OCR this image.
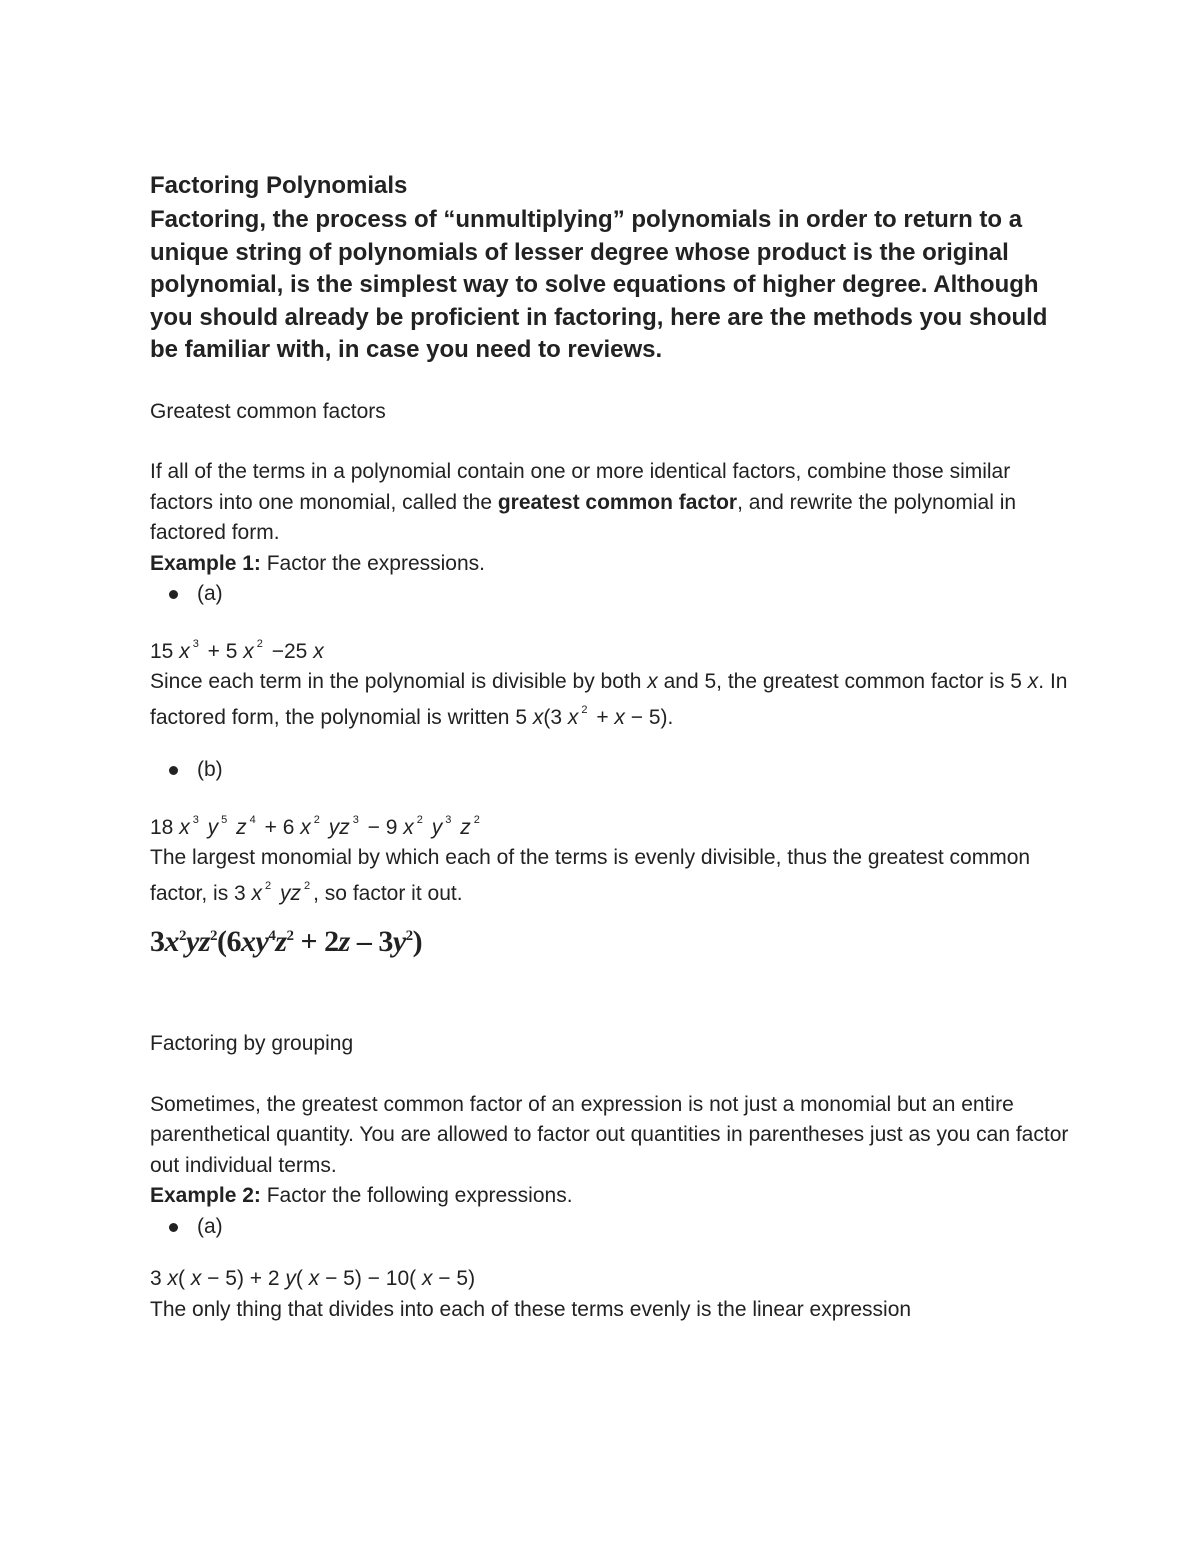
Factoring Polynomials

Factoring, the process of “unmultiplying” polynomials in order to return to a unique string of polynomials of lesser degree whose product is the original polynomial, is the simplest way to solve equations of higher degree. Although you should already be proficient in factoring, here are the methods you should be familiar with, in case you need to reviews.

Greatest common factors

If all of the terms in a polynomial contain one or more identical factors, combine those similar factors into one monomial, called the greatest common factor, and rewrite the polynomial in factored form.

Example 1: Factor the expressions.

(a)

15 x $^3$ + 5 x $^2$ −25 x

Since each term in the polynomial is divisible by both x and 5, the greatest common factor is 5 x. In factored form, the polynomial is written 5 x(3 x $^2$ + x − 5).

(b)

18 x $^3$ y $^5$ z $^4$ + 6 x $^2$ yz $^3$ − 9 x $^2$ y $^3$ z $^2$

The largest monomial by which each of the terms is evenly divisible, thus the greatest common factor, is 3 x $^2$ yz $^2$ , so factor it out.

$3x^2yz^2(6xy^4z^2 + 2z - 3y^2)$

Factoring by grouping

Sometimes, the greatest common factor of an expression is not just a monomial but an entire parenthetical quantity. You are allowed to factor out quantities in parentheses just as you can factor out individual terms.

Example 2: Factor the following expressions.

(a)

3 x( x − 5) + 2 y( x − 5) − 10( x − 5)

The only thing that divides into each of these terms evenly is the linear expression
